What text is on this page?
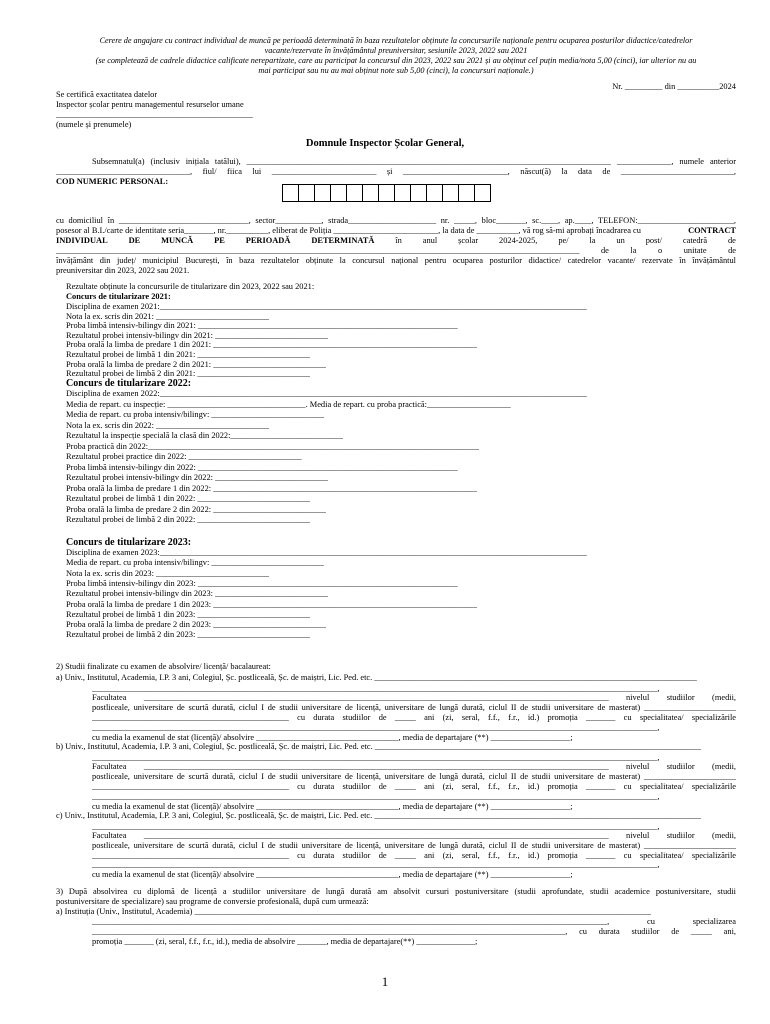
Cerere de angajare cu contract individual de muncă pe perioadă determinată în baza rezultatelor obținute la concursurile naționale pentru ocuparea posturilor didactice/catedrelor
vacante/rezervate în învățământul preuniversitar, sesiunile 2023, 2022 sau 2021
(se completează de cadrele didactice calificate nerepartizate, care au participat la concursul din 2023, 2022 sau 2021 și au obținut cel puțin media/nota 5,00 (cinci), iar ulterior nu au
mai participat sau nu au mai obținut note sub 5,00 (cinci), la concursuri naționale.)
Nr. _________ din __________2024
Se certifică exactitatea datelor
Inspector școlar pentru managementul resurselor umane
_______________________________________________
(numele și prenumele)
Domnule Inspector Școlar General,
Subsemnatul(a) (inclusiv inițiala tatălui), _______________________________________________________________________________________ _____________, numele anterior
________________________________, fiul/ fiica lui _________________________ și _________________________, născut(ă) la data de ___________________________,
COD NUMERIC PERSONAL:
cu domiciliul în _______________________________, sector___________, strada_____________________ nr. _____, bloc_______, sc.____, ap.____, TELEFON:_______________________,
posesor al B.I./carte de identitate seria_______, nr.__________, eliberat de Poliția _________________________, la data de __________, vă rog să-mi aprobați încadrarea cu	CONTRACT
INDIVIDUAL DE MUNCĂ PE PERIOADĂ DETERMINATĂ în anul școlar 2024-2025, pe/ la un post/ catedră de
_____________________________________________________________________________________________________________________________ de la o unitate de
învățământ din județ/ municipiul București, în baza rezultatelor obținute la concursul național pentru ocuparea posturilor didactice/ catedrelor vacante/ rezervate în învățământul
preuniversitar din 2023, 2022 sau 2021.
Rezultate obținute la concursurile de titularizare din 2023, 2022 sau 2021:
Concurs de titularizare 2021:
Disciplina de examen 2021:______________________________________________________________________________________________________
Nota la ex. scris din 2021: ___________________________
Proba limbă intensiv-bilingv din 2021: ______________________________________________________________
Rezultatul probei intensiv-bilingv din 2021: ___________________________
Proba orală la limba de predare 1 din 2021: _______________________________________________________________
Rezultatul probei de limbă 1 din 2021: ___________________________
Proba orală la limba de predare 2 din 2021: ___________________________
Rezultatul probei de limbă 2 din 2021: ___________________________
Concurs de titularizare 2022:
Disciplina de examen 2022:______________________________________________________________________________________________________
Media de repart. cu inspecție: _________________________________. Media de repart. cu proba practică:____________________
Media de repart. cu proba intensiv/bilingv: ___________________________
Nota la ex. scris din 2022: ___________________________
Rezultatul la inspecție specială la clasă din 2022:___________________________
Proba practică din 2022:_______________________________________________________________________________
Rezultatul probei practice din 2022: ___________________________
Proba limbă intensiv-bilingv din 2022: ______________________________________________________________
Rezultatul probei intensiv-bilingv din 2022: ___________________________
Proba orală la limba de predare 1 din 2022: _______________________________________________________________
Rezultatul probei de limbă 1 din 2022: ___________________________
Proba orală la limba de predare 2 din 2022: ___________________________
Rezultatul probei de limbă 2 din 2022: ___________________________
Concurs de titularizare 2023:
Disciplina de examen 2023:______________________________________________________________________________________________________
Media de repart. cu proba intensiv/bilingv: ___________________________
Nota la ex. scris din 2023: ___________________________
Proba limbă intensiv-bilingv din 2023: ______________________________________________________________
Rezultatul probei intensiv-bilingv din 2023: ___________________________
Proba orală la limba de predare 1 din 2023: _______________________________________________________________
Rezultatul probei de limbă 1 din 2023: ___________________________
Proba orală la limba de predare 2 din 2023: ___________________________
Rezultatul probei de limbă 2 din 2023: ___________________________
2) Studii finalizate cu examen de absolvire/ licență/ bacalaureat:
a) Univ., Institutul, Academia, I.P. 3 ani, Colegiul, Șc. postliceală, Șc. de maiștri, Lic. Ped. etc. _____________________________________________________________________________
_______________________________________________________________________________________________________________________________________,
Facultatea _______________________________________________________________________________________________________________ nivelul studiilor (medii,
postliceale, universitare de scurtă durată, ciclul I de studii universitare de licență, universitare de lungă durată, ciclul II de studii universitare de masterat) ______________________
_______________________________________________ cu durata studiilor de _____ ani (zi, seral, f.f., f.r., id.) promoția _______ cu specialitatea/ specializările
_______________________________________________________________________________________________________________________________________,
cu media la examenul de stat (licență)/ absolvire __________________________________, media de departajare (**) ___________________;
b) Univ., Institutul, Academia, I.P. 3 ani, Colegiul, Șc. postliceală, Șc. de maiștri, Lic. Ped. etc. ______________________________________________________________________________
_______________________________________________________________________________________________________________________________________,
Facultatea _______________________________________________________________________________________________________________ nivelul studiilor (medii,
postliceale, universitare de scurtă durată, ciclul I de studii universitare de licență, universitare de lungă durată, ciclul II de studii universitare de masterat) ______________________
_______________________________________________ cu durata studiilor de _____ ani (zi, seral, f.f., f.r., id.) promoția _______ cu specialitatea/ specializările
_______________________________________________________________________________________________________________________________________,
cu media la examenul de stat (licență)/ absolvire __________________________________, media de departajare (**) ___________________;
c) Univ., Institutul, Academia, I.P. 3 ani, Colegiul, Șc. postliceală, Șc. de maiștri, Lic. Ped. etc. ______________________________________________________________________________
_______________________________________________________________________________________________________________________________________,
Facultatea _______________________________________________________________________________________________________________ nivelul studiilor (medii,
postliceale, universitare de scurtă durată, ciclul I de studii universitare de licență, universitare de lungă durată, ciclul II de studii universitare de masterat) ______________________
_______________________________________________ cu durata studiilor de _____ ani (zi, seral, f.f., f.r., id.) promoția _______ cu specialitatea/ specializările
_______________________________________________________________________________________________________________________________________,
cu media la examenul de stat (licență)/ absolvire __________________________________, media de departajare (**) ___________________;
3) După absolvirea cu diplomă de licență a studiilor universitare de lungă durată am absolvit cursuri postuniversitare (studii aprofundate, studii academice postuniversitare, studii
postuniversitare de specializare) sau programe de conversie profesională, după cum urmează:
a) Instituția (Univ., Institutul, Academia) _____________________________________________________________________________________________________________
___________________________________________________________________________________________________________________________, cu specializarea
_________________________________________________________________________________________________________________, cu durata studiilor de _____ ani,
promoția _______ (zi, seral, f.f., f.r., id.), media de absolvire _______, media de departajare(**) ______________;
1
